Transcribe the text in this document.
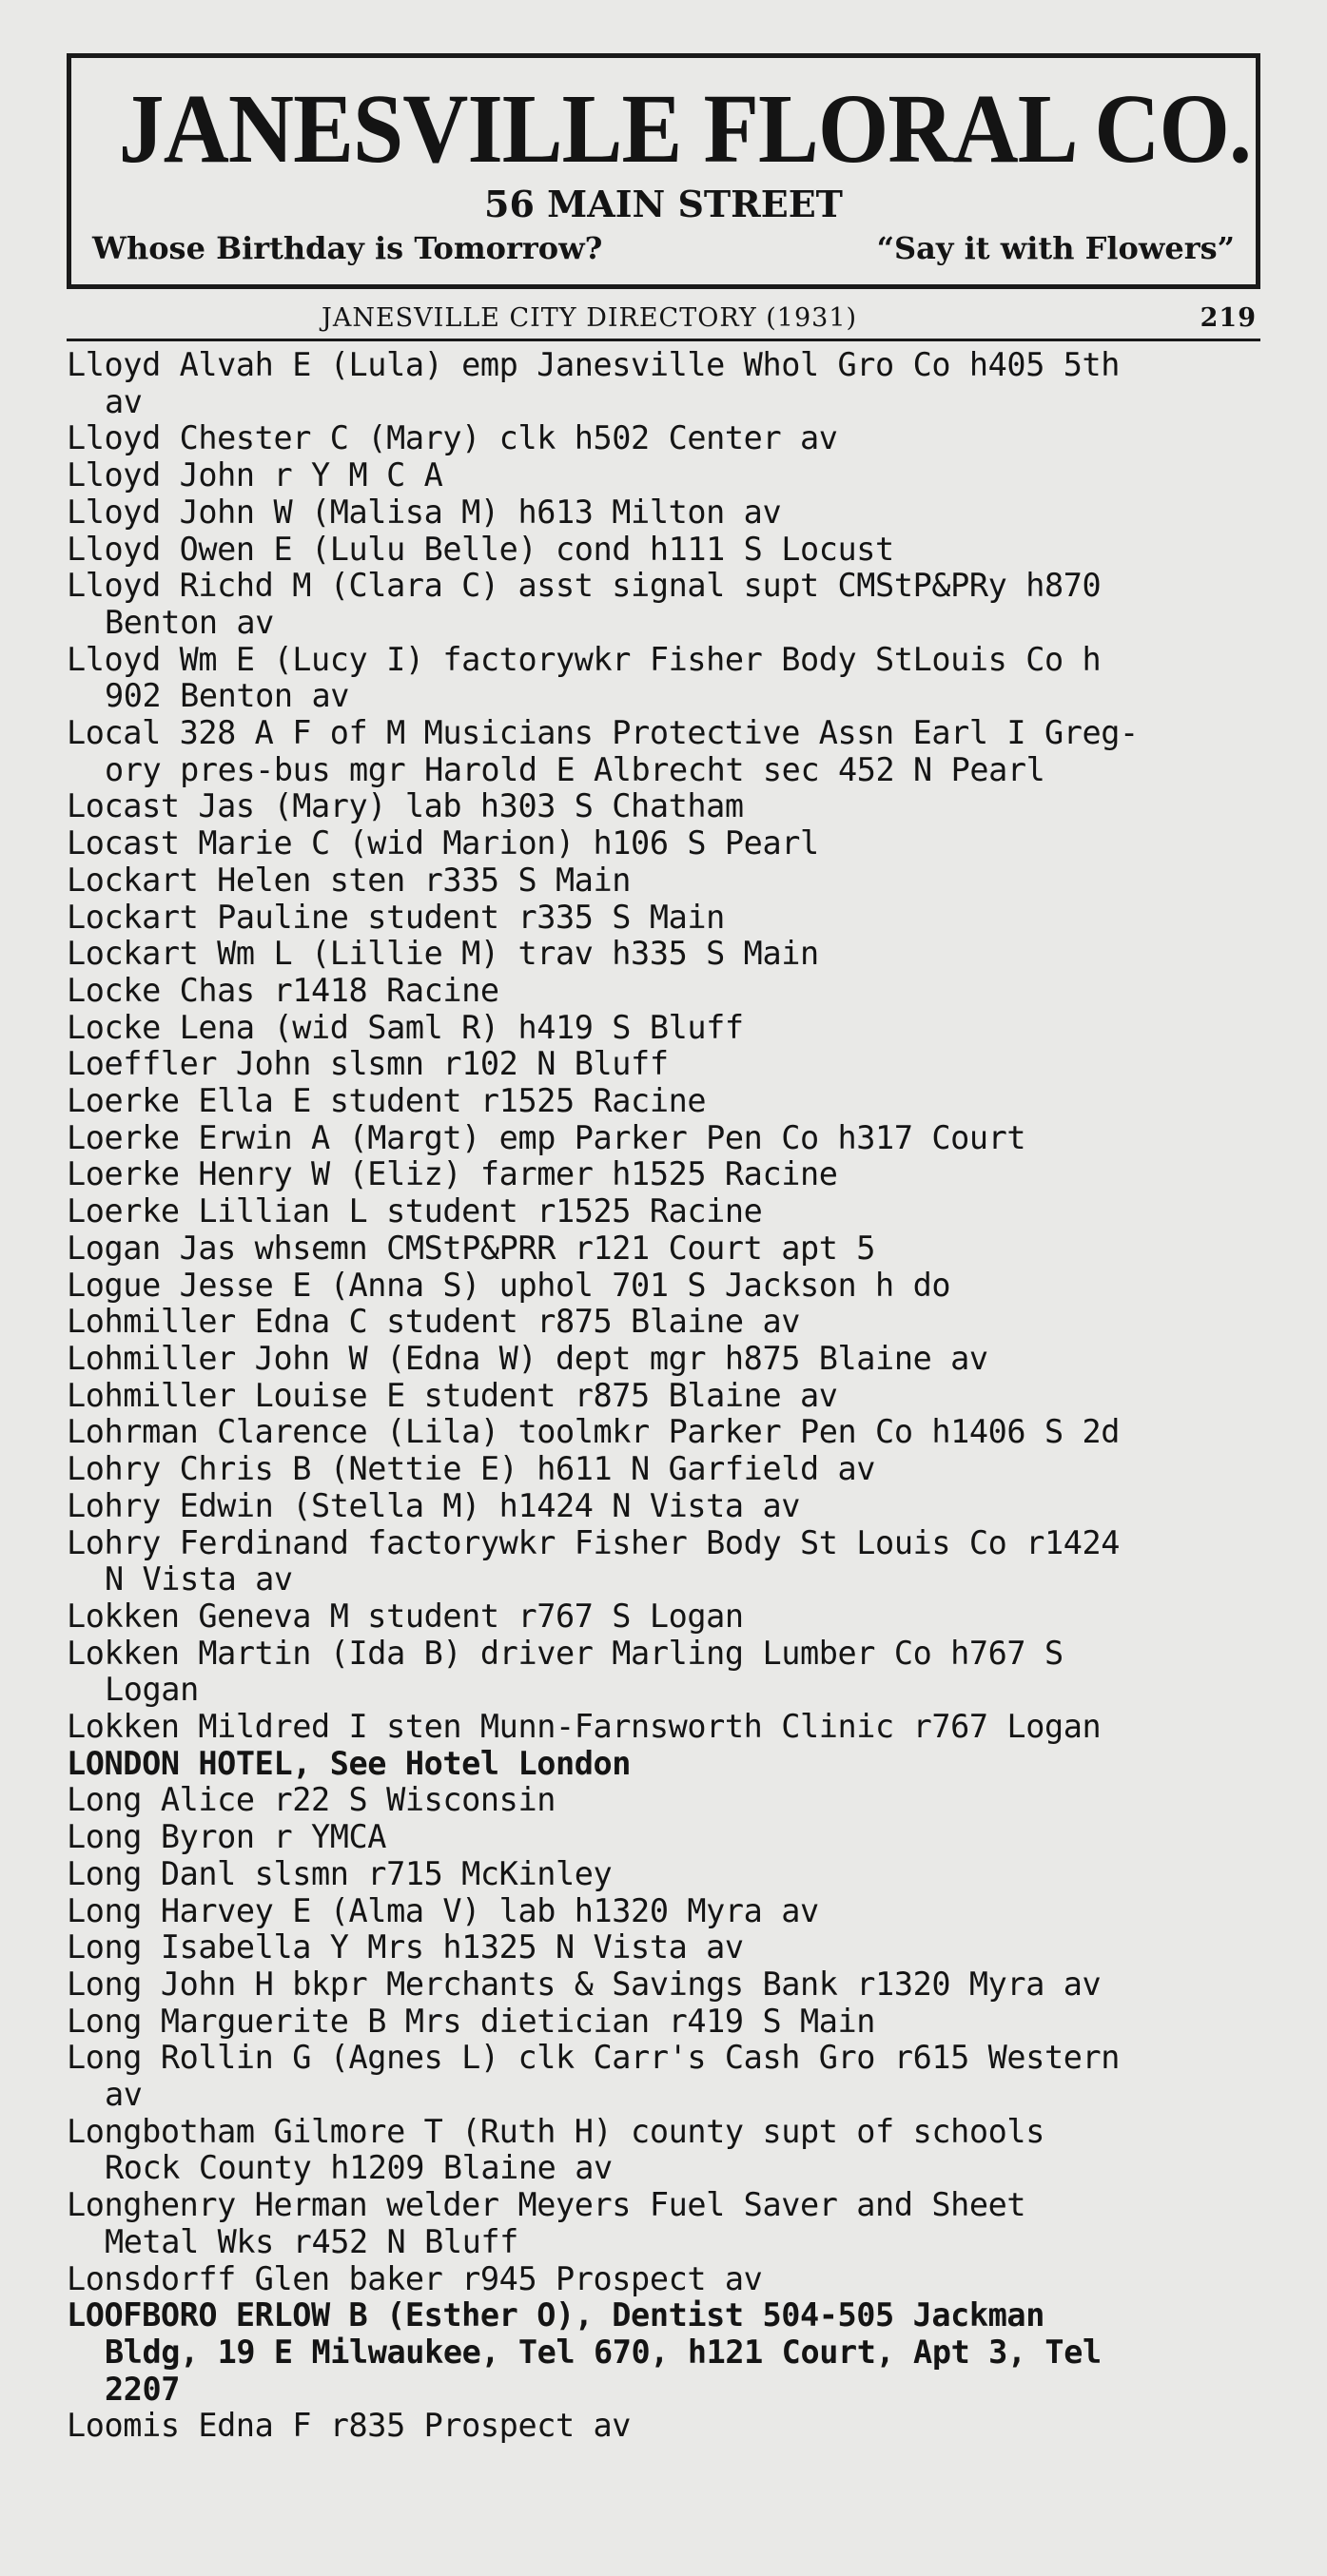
JANESVILLE FLORAL CO.
56 MAIN STREET
Whose Birthday is Tomorrow?	“Say it with Flowers”
JANESVILLE CITY DIRECTORY (1931)	219
Lloyd Alvah E (Lula) emp Janesville Whol Gro Co h405 5th
av
Lloyd Chester C (Mary) clk h502 Center av
Lloyd John r Y M C A
Lloyd John W (Malisa M) h613 Milton av
Lloyd Owen E (Lulu Belle) cond h111 S Locust
Lloyd Richd M (Clara C) asst signal supt CMStP&PRy h870
Benton av
Lloyd Wm E (Lucy I) factorywkr Fisher Body StLouis Co h
902 Benton av
Local 328 A F of M Musicians Protective Assn Earl I Greg-
ory pres-bus mgr Harold E Albrecht sec 452 N Pearl
Locast Jas (Mary) lab h303 S Chatham
Locast Marie C (wid Marion) h106 S Pearl
Lockart Helen sten r335 S Main
Lockart Pauline student r335 S Main
Lockart Wm L (Lillie M) trav h335 S Main
Locke Chas r1418 Racine
Locke Lena (wid Saml R) h419 S Bluff
Loeffler John slsmn r102 N Bluff
Loerke Ella E student r1525 Racine
Loerke Erwin A (Margt) emp Parker Pen Co h317 Court
Loerke Henry W (Eliz) farmer h1525 Racine
Loerke Lillian L student r1525 Racine
Logan Jas whsemn CMStP&PRR r121 Court apt 5
Logue Jesse E (Anna S) uphol 701 S Jackson h do
Lohmiller Edna C student r875 Blaine av
Lohmiller John W (Edna W) dept mgr h875 Blaine av
Lohmiller Louise E student r875 Blaine av
Lohrman Clarence (Lila) toolmkr Parker Pen Co h1406 S 2d
Lohry Chris B (Nettie E) h611 N Garfield av
Lohry Edwin (Stella M) h1424 N Vista av
Lohry Ferdinand factorywkr Fisher Body St Louis Co r1424
N Vista av
Lokken Geneva M student r767 S Logan
Lokken Martin (Ida B) driver Marling Lumber Co h767 S
Logan
Lokken Mildred I sten Munn-Farnsworth Clinic r767 Logan
LONDON HOTEL, See Hotel London
Long Alice r22 S Wisconsin
Long Byron r YMCA
Long Danl slsmn r715 McKinley
Long Harvey E (Alma V) lab h1320 Myra av
Long Isabella Y Mrs h1325 N Vista av
Long John H bkpr Merchants & Savings Bank r1320 Myra av
Long Marguerite B Mrs dietician r419 S Main
Long Rollin G (Agnes L) clk Carr's Cash Gro r615 Western
av
Longbotham Gilmore T (Ruth H) county supt of schools
Rock County h1209 Blaine av
Longhenry Herman welder Meyers Fuel Saver and Sheet
Metal Wks r452 N Bluff
Lonsdorff Glen baker r945 Prospect av
LOOFBORO ERLOW B (Esther O), Dentist 504-505 Jackman
Bldg, 19 E Milwaukee, Tel 670, h121 Court, Apt 3, Tel
2207
Loomis Edna F r835 Prospect av
